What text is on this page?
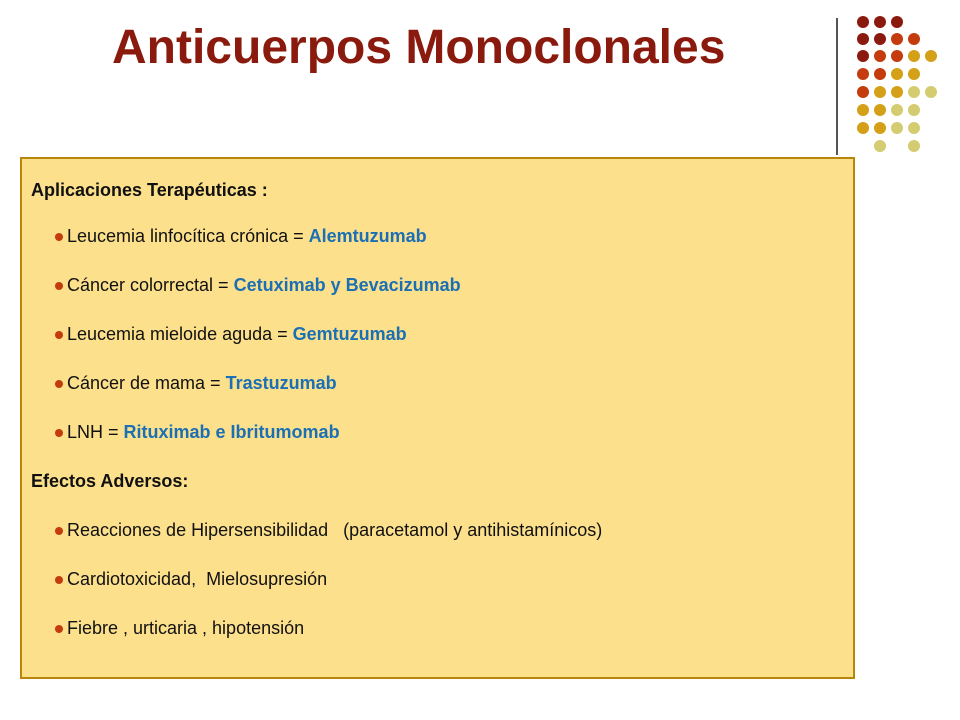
Anticuerpos Monoclonales
Aplicaciones Terapéuticas :
Leucemia linfocítica crónica = Alemtuzumab
Cáncer colorrectal = Cetuximab y Bevacizumab
Leucemia mieloide aguda = Gemtuzumab
Cáncer de mama = Trastuzumab
LNH = Rituximab e Ibritumomab
Efectos Adversos:
Reacciones de Hipersensibilidad   (paracetamol y antihistamínicos)
Cardiotoxicidad,  Mielosupresión
Fiebre , urticaria , hipotensión
